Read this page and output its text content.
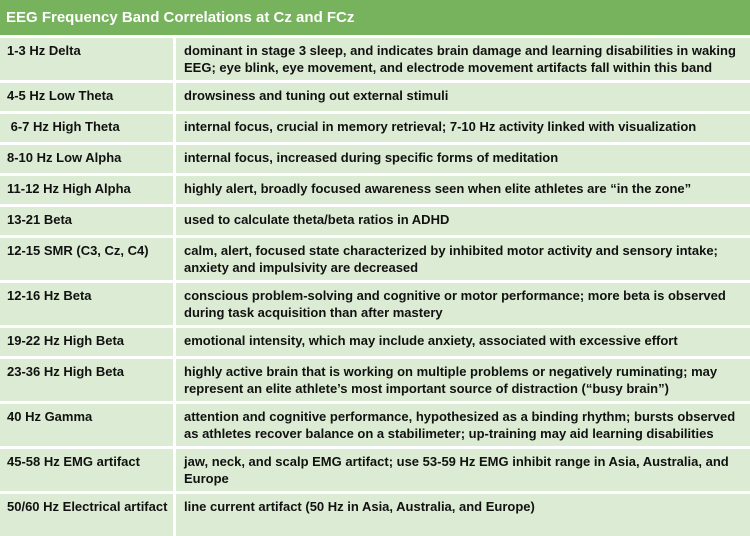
EEG Frequency Band Correlations at Cz and FCz
1-3 Hz Delta	dominant in stage 3 sleep, and indicates brain damage and learning disabilities in waking EEG; eye blink, eye movement, and electrode movement artifacts fall within this band
4-5 Hz Low Theta	drowsiness and tuning out external stimuli
6-7 Hz High Theta	internal focus, crucial in memory retrieval; 7-10 Hz activity linked with visualization
8-10 Hz Low Alpha	internal focus, increased during specific forms of meditation
11-12 Hz High Alpha	highly alert, broadly focused awareness seen when elite athletes are “in the zone”
13-21 Beta	used to calculate theta/beta ratios in ADHD
12-15 SMR (C3, Cz, C4)	calm, alert, focused state characterized by inhibited motor activity and sensory intake; anxiety and impulsivity are decreased
12-16 Hz Beta	conscious problem-solving and cognitive or motor performance; more beta is observed during task acquisition than after mastery
19-22 Hz High Beta	emotional intensity, which may include anxiety, associated with excessive effort
23-36 Hz High Beta	highly active brain that is working on multiple problems or negatively ruminating; may represent an elite athlete’s most important source of distraction (“busy brain”)
40 Hz Gamma	attention and cognitive performance, hypothesized as a binding rhythm; bursts observed as athletes recover balance on a stabilimeter; up-training may aid learning disabilities
45-58 Hz EMG artifact	jaw, neck, and scalp EMG artifact; use 53-59 Hz EMG inhibit range in Asia, Australia, and Europe
50/60 Hz Electrical artifact	line current artifact (50 Hz in Asia, Australia, and Europe)
